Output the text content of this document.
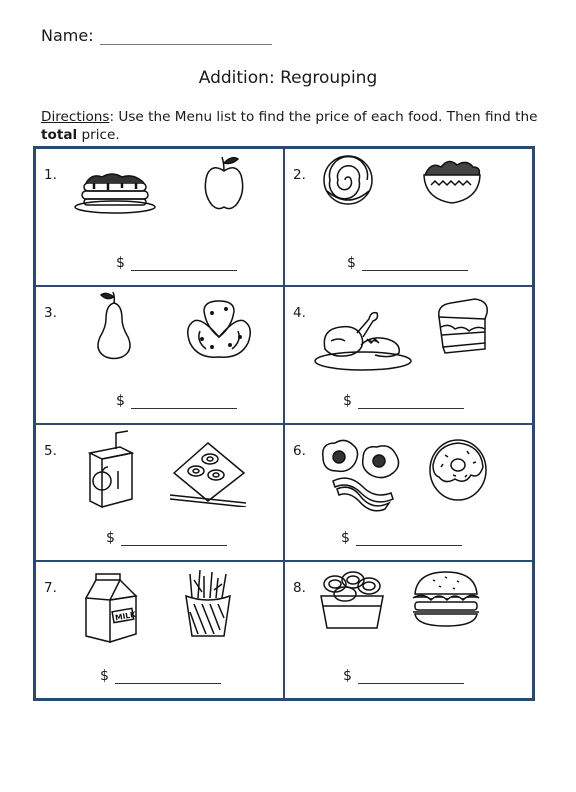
Name:
Addition: Regrouping
Directions: Use the Menu list to find the price of each food. Then find the total price.
1.
$
2.
$
3.
$
4.
$
5.
$
6.
$
7.
MILK
$
8.
$
